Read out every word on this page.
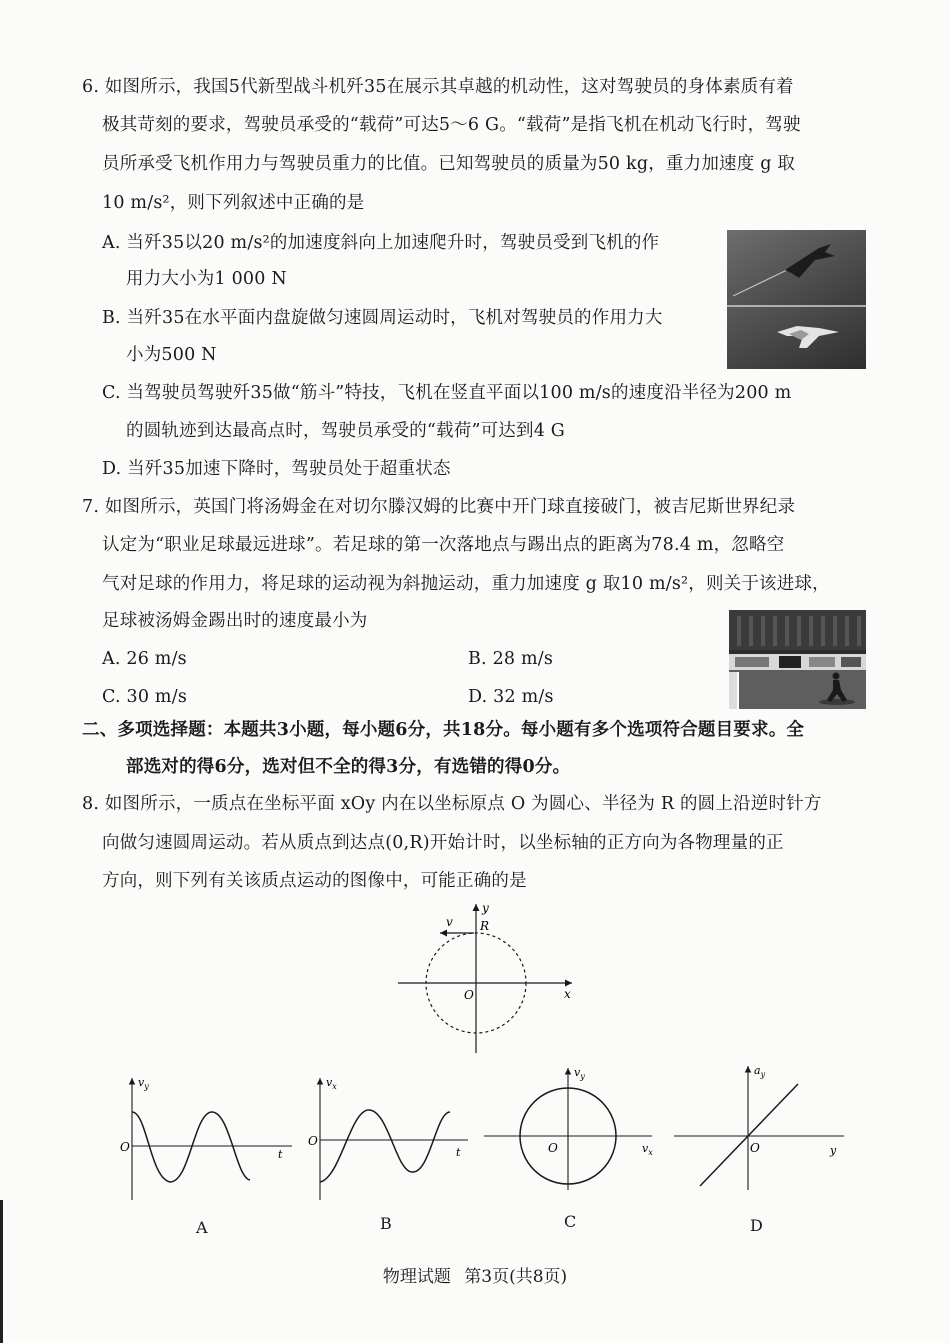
6. 如图所示，我国5代新型战斗机歼35在展示其卓越的机动性，这对驾驶员的身体素质有着
极其苛刻的要求，驾驶员承受的“载荷”可达5～6 G。“载荷”是指飞机在机动飞行时，驾驶
员所承受飞机作用力与驾驶员重力的比值。已知驾驶员的质量为50 kg，重力加速度 g 取
10 m/s²，则下列叙述中正确的是
A. 当歼35以20 m/s²的加速度斜向上加速爬升时，驾驶员受到飞机的作
用力大小为1 000 N
B. 当歼35在水平面内盘旋做匀速圆周运动时，飞机对驾驶员的作用力大
小为500 N
C. 当驾驶员驾驶歼35做“筋斗”特技，飞机在竖直平面以100 m/s的速度沿半径为200 m
的圆轨迹到达最高点时，驾驶员承受的“载荷”可达到4 G
D. 当歼35加速下降时，驾驶员处于超重状态
7. 如图所示，英国门将汤姆金在对切尔滕汉姆的比赛中开门球直接破门，被吉尼斯世界纪录
认定为“职业足球最远进球”。若足球的第一次落地点与踢出点的距离为78.4 m，忽略空
气对足球的作用力，将足球的运动视为斜抛运动，重力加速度 g 取10 m/s²，则关于该进球，
足球被汤姆金踢出时的速度最小为
A. 26 m/s	B. 28 m/s
C. 30 m/s	D. 32 m/s
二、多项选择题：本题共3小题，每小题6分，共18分。每小题有多个选项符合题目要求。全
部选对的得6分，选对但不全的得3分，有选错的得0分。
8. 如图所示，一质点在坐标平面 xOy 内在以坐标原点 O 为圆心、半径为 R 的圆上沿逆时针方
向做匀速圆周运动。若从质点到达点(0,R)开始计时，以坐标轴的正方向为各物理量的正
方向，则下列有关该质点运动的图像中，可能正确的是
y
x
O
R
v
$v_y$
O
t
A
$v_x$
O
t
B
$v_y$
O	$v_x$
C
$a_y$
O	y
D
物理试题 第3页(共8页)
